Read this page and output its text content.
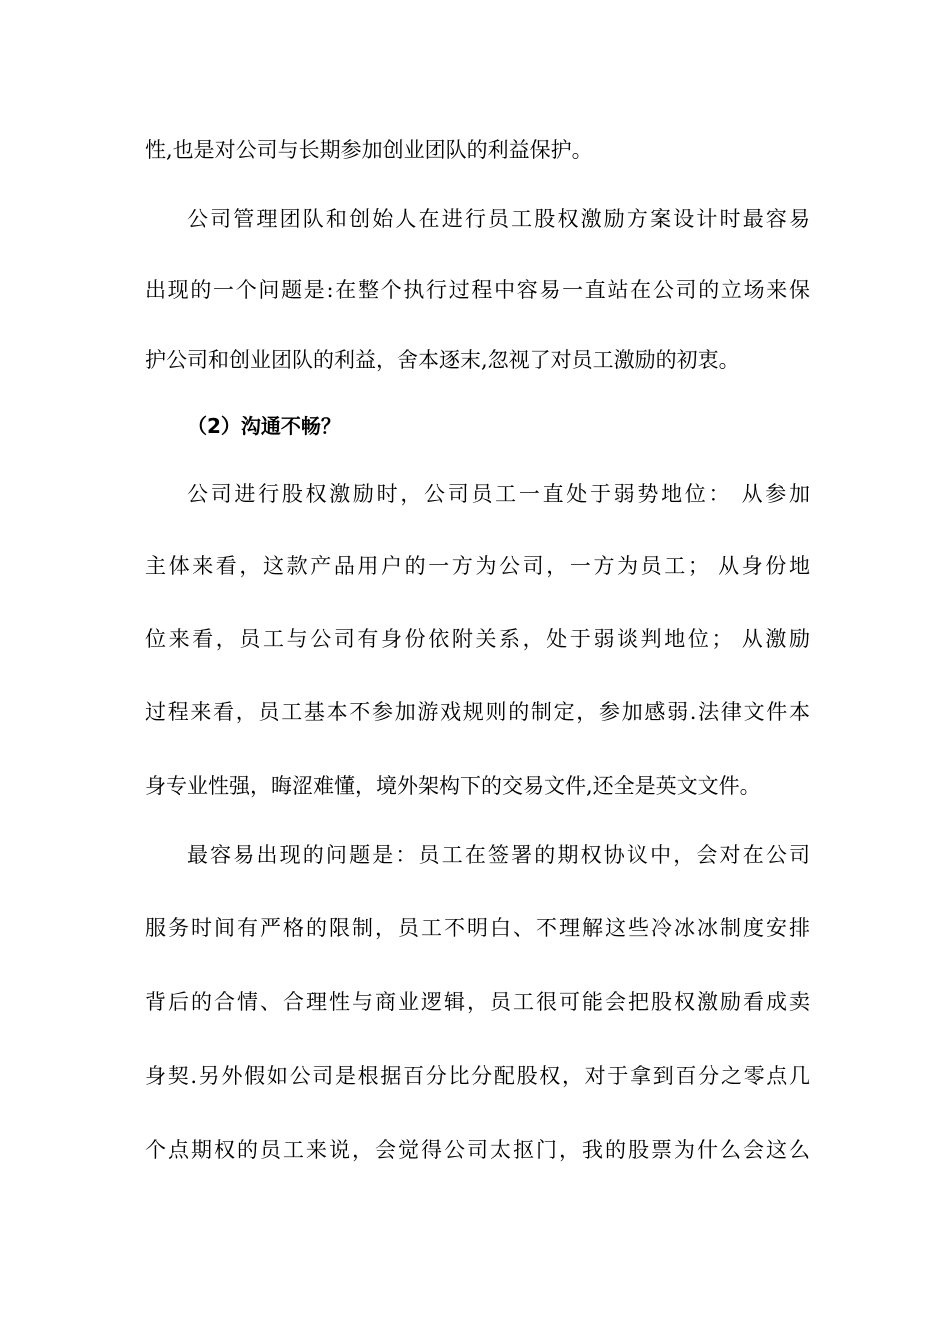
性,也是对公司与长期参加创业团队的利益保护。
公司管理团队和创始人在进行员工股权激励方案设计时最容易
出现的一个问题是:在整个执行过程中容易一直站在公司的立场来保
护公司和创业团队的利益，舍本逐末,忽视了对员工激励的初衷。
（2）沟通不畅？
公司进行股权激励时，公司员工一直处于弱势地位： 从参加
主体来看，这款产品用户的一方为公司，一方为员工； 从身份地
位来看，员工与公司有身份依附关系，处于弱谈判地位； 从激励
过程来看，员工基本不参加游戏规则的制定，参加感弱.法律文件本
身专业性强，晦涩难懂，境外架构下的交易文件,还全是英文文件。
最容易出现的问题是：员工在签署的期权协议中，会对在公司
服务时间有严格的限制，员工不明白、不理解这些冷冰冰制度安排
背后的合情、合理性与商业逻辑，员工很可能会把股权激励看成卖
身契.另外假如公司是根据百分比分配股权，对于拿到百分之零点几
个点期权的员工来说，会觉得公司太抠门，我的股票为什么会这么
